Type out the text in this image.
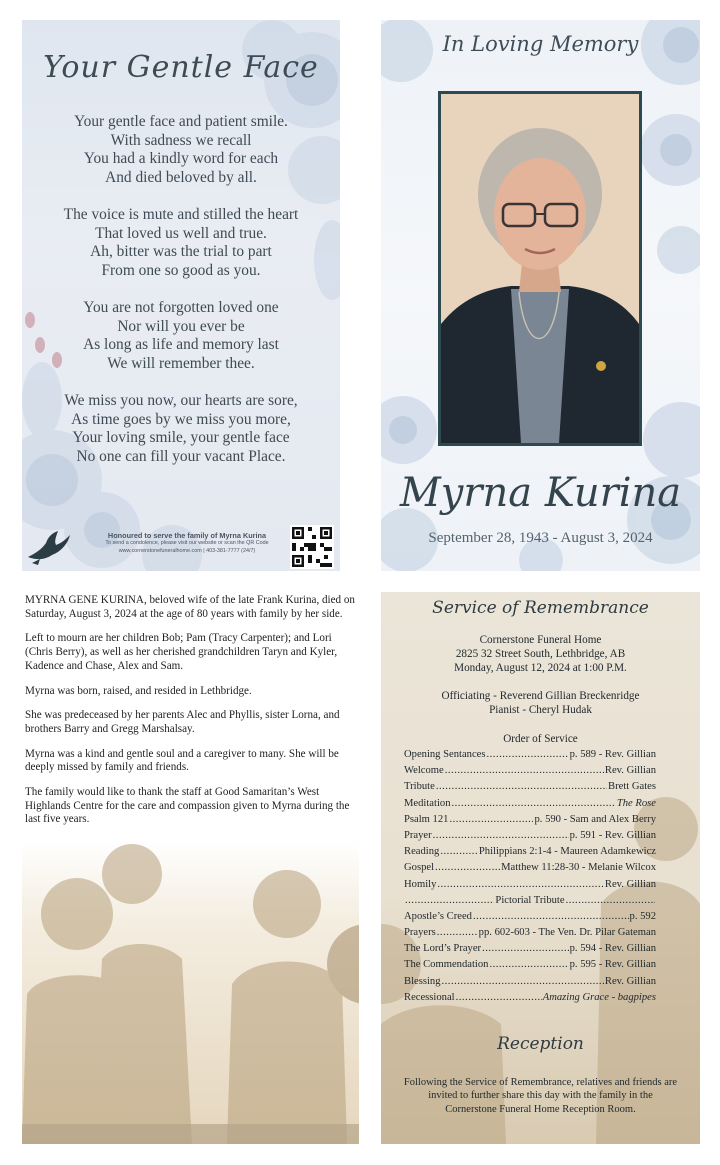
Your Gentle Face
Your gentle face and patient smile.
With sadness we recall
You had a kindly word for each
And died beloved by all.
The voice is mute and stilled the heart
That loved us well and true.
Ah, bitter was the trial to part
From one so good as you.
You are not forgotten loved one
Nor will you ever be
As long as life and memory last
We will remember thee.
We miss you now, our hearts are sore,
As time goes by we miss you more,
Your loving smile, your gentle face
No one can fill your vacant Place.
Honoured to serve the family of Myrna Kurina
To send a condolence, please visit our website or scan the QR Code
www.cornerstonefuneralhome.com | 403-381-7777 (24/7)
In Loving Memory
Myrna Kurina
September 28, 1943 - August 3, 2024

MYRNA GENE KURINA, beloved wife of the late Frank Kurina, died on Saturday, August 3, 2024 at the age of 80 years with family by her side.

Left to mourn are her children Bob; Pam (Tracy Carpenter); and Lori (Chris Berry), as well as her cherished grandchildren Taryn and Kyler, Kadence and Chase, Alex and Sam.

Myrna was born, raised, and resided in Lethbridge.

She was predeceased by her parents Alec and Phyllis, sister Lorna, and brothers Barry and Gregg Marshalsay.

Myrna was a kind and gentle soul and a caregiver to many. She will be deeply missed by family and friends.

The family would like to thank the staff at Good Samaritan’s West Highlands Centre for the care and compassion given to Myrna during the last five years.

Service of Remembrance
Cornerstone Funeral Home
2825 32 Street South, Lethbridge, AB
Monday, August 12, 2024 at 1:00 P.M.
Officiating - Reverend Gillian Breckenridge
Pianist - Cheryl Hudak
Order of Service
Opening Sentances .....	p. 589 - Rev. Gillian
Welcome .....	Rev. Gillian
Tribute .....	Brett Gates
Meditation .....	The Rose
Psalm 121 .....	p. 590 - Sam and Alex Berry
Prayer .....	p. 591 - Rev. Gillian
Reading .....	Philippians 2:1-4 - Maureen Adamkewicz
Gospel .....	Matthew 11:28-30 - Melanie Wilcox
Homily .....	Rev. Gillian
.....
Pictorial Tribute
.....
Apostle’s Creed .....	p. 592
Prayers .....	pp. 602-603 - The Ven. Dr. Pilar Gateman
The Lord’s Prayer .....	p. 594 - Rev. Gillian
The Commendation .....	p. 595 - Rev. Gillian
Blessing .....	Rev. Gillian
Recessional .....	Amazing Grace - bagpipes
Reception
Following the Service of Remembrance, relatives and friends are
invited to further share this day with the family in the
Cornerstone Funeral Home Reception Room.
